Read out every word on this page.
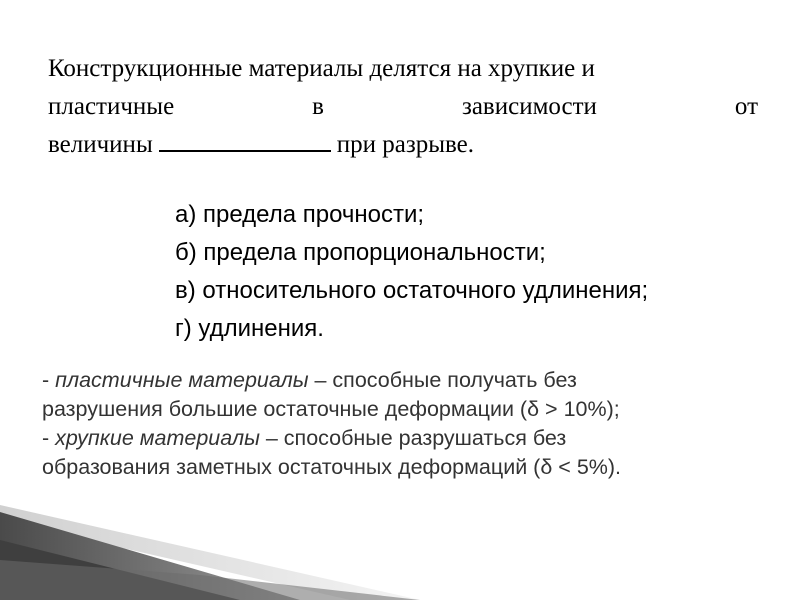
Конструкционные материалы делятся на хрупкие и
пластичные	в	зависимости	от
величины	при разрыве.
а) предела прочности;
б) предела пропорциональности;
в) относительного остаточного удлинения;
г) удлинения.
- пластичные материалы – способные получать без
разрушения большие остаточные деформации (δ > 10%);
- хрупкие материалы – способные разрушаться без
образования заметных остаточных деформаций (δ < 5%).
